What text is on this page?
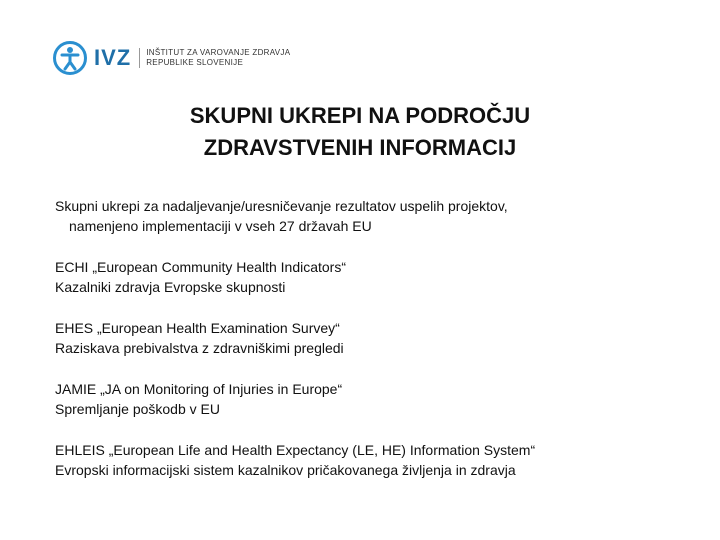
IVZ INŠTITUT ZA VAROVANJE ZDRAVJA
REPUBLIKE SLOVENIJE
SKUPNI UKREPI NA PODROČJU
ZDRAVSTVENIH INFORMACIJ
Skupni ukrepi za nadaljevanje/uresničevanje rezultatov uspelih projektov,
namenjeno implementaciji v vseh 27 državah EU
ECHI „European Community Health Indicators“
Kazalniki zdravja Evropske skupnosti
EHES „European Health Examination Survey“
Raziskava prebivalstva z zdravniškimi pregledi
JAMIE „JA on Monitoring of Injuries in Europe“
Spremljanje poškodb v EU
EHLEIS „European Life and Health Expectancy (LE, HE) Information System“
Evropski informacijski sistem kazalnikov pričakovanega življenja in zdravja
